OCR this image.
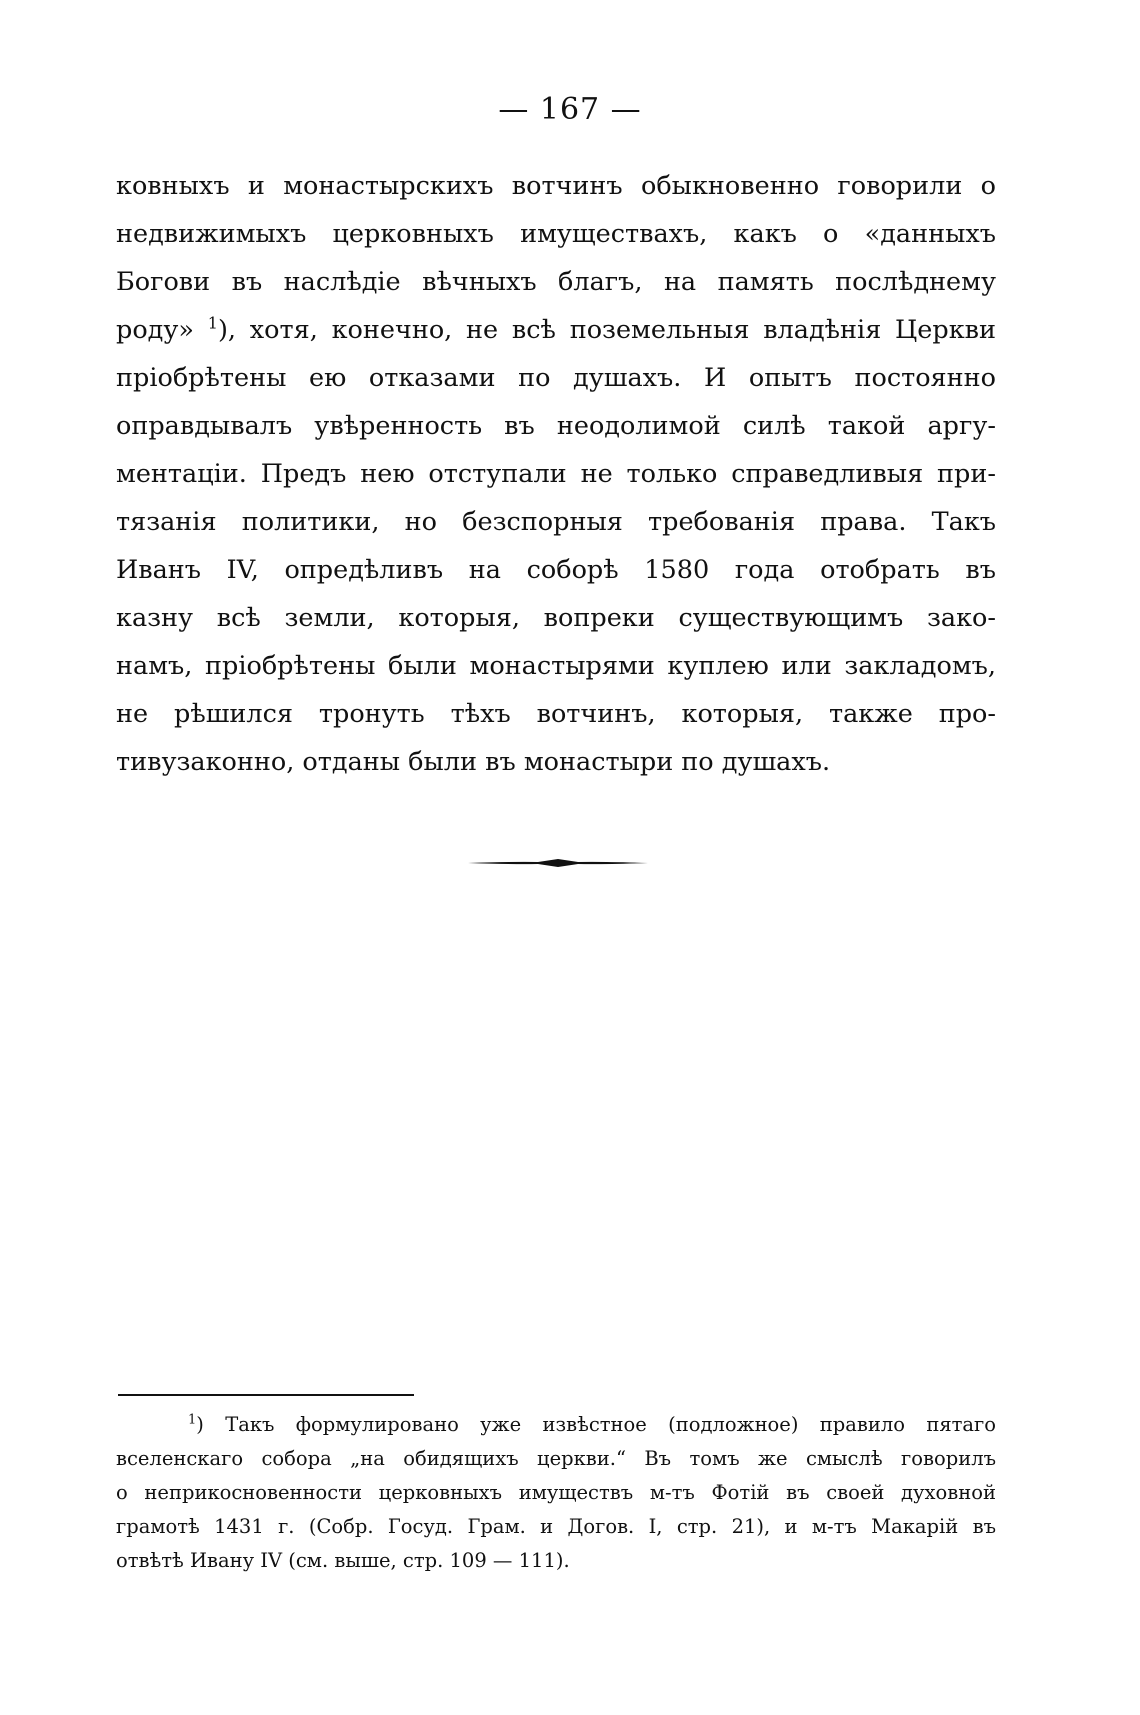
— 167 —
ковныхъ и монастырскихъ вотчинъ обыкновенно говорили о
недвижимыхъ церковныхъ имуществахъ, какъ о «данныхъ
Богови въ наслѣдіе вѣчныхъ благъ, на память послѣднему
роду» $^1$), хотя, конечно, не всѣ поземельныя владѣнія Церкви
пріобрѣтены ею отказами по душахъ. И опытъ постоянно
оправдывалъ увѣренность въ неодолимой силѣ такой аргу-
ментаціи. Предъ нею отступали не только справедливыя при-
тязанія политики, но безспорныя требованія права. Такъ
Иванъ IV, опредѣливъ на соборѣ 1580 года отобрать въ
казну всѣ земли, которыя, вопреки существующимъ зако-
намъ, пріобрѣтены были монастырями куплею или закладомъ,
не рѣшился тронуть тѣхъ вотчинъ, которыя, также про-
тивузаконно, отданы были въ монастыри по душахъ.
$^1$) Такъ формулировано уже извѣстное (подложное) правило пятаго
вселенскаго собора „на обидящихъ церкви.“ Въ томъ же смыслѣ говорилъ
о неприкосновенности церковныхъ имуществъ м-тъ Фотій въ своей духовной
грамотѣ 1431 г. (Собр. Госуд. Грам. и Догов. I, стр. 21), и м-тъ Макарій въ
отвѣтѣ Ивану IV (см. выше, стр. 109 — 111).
